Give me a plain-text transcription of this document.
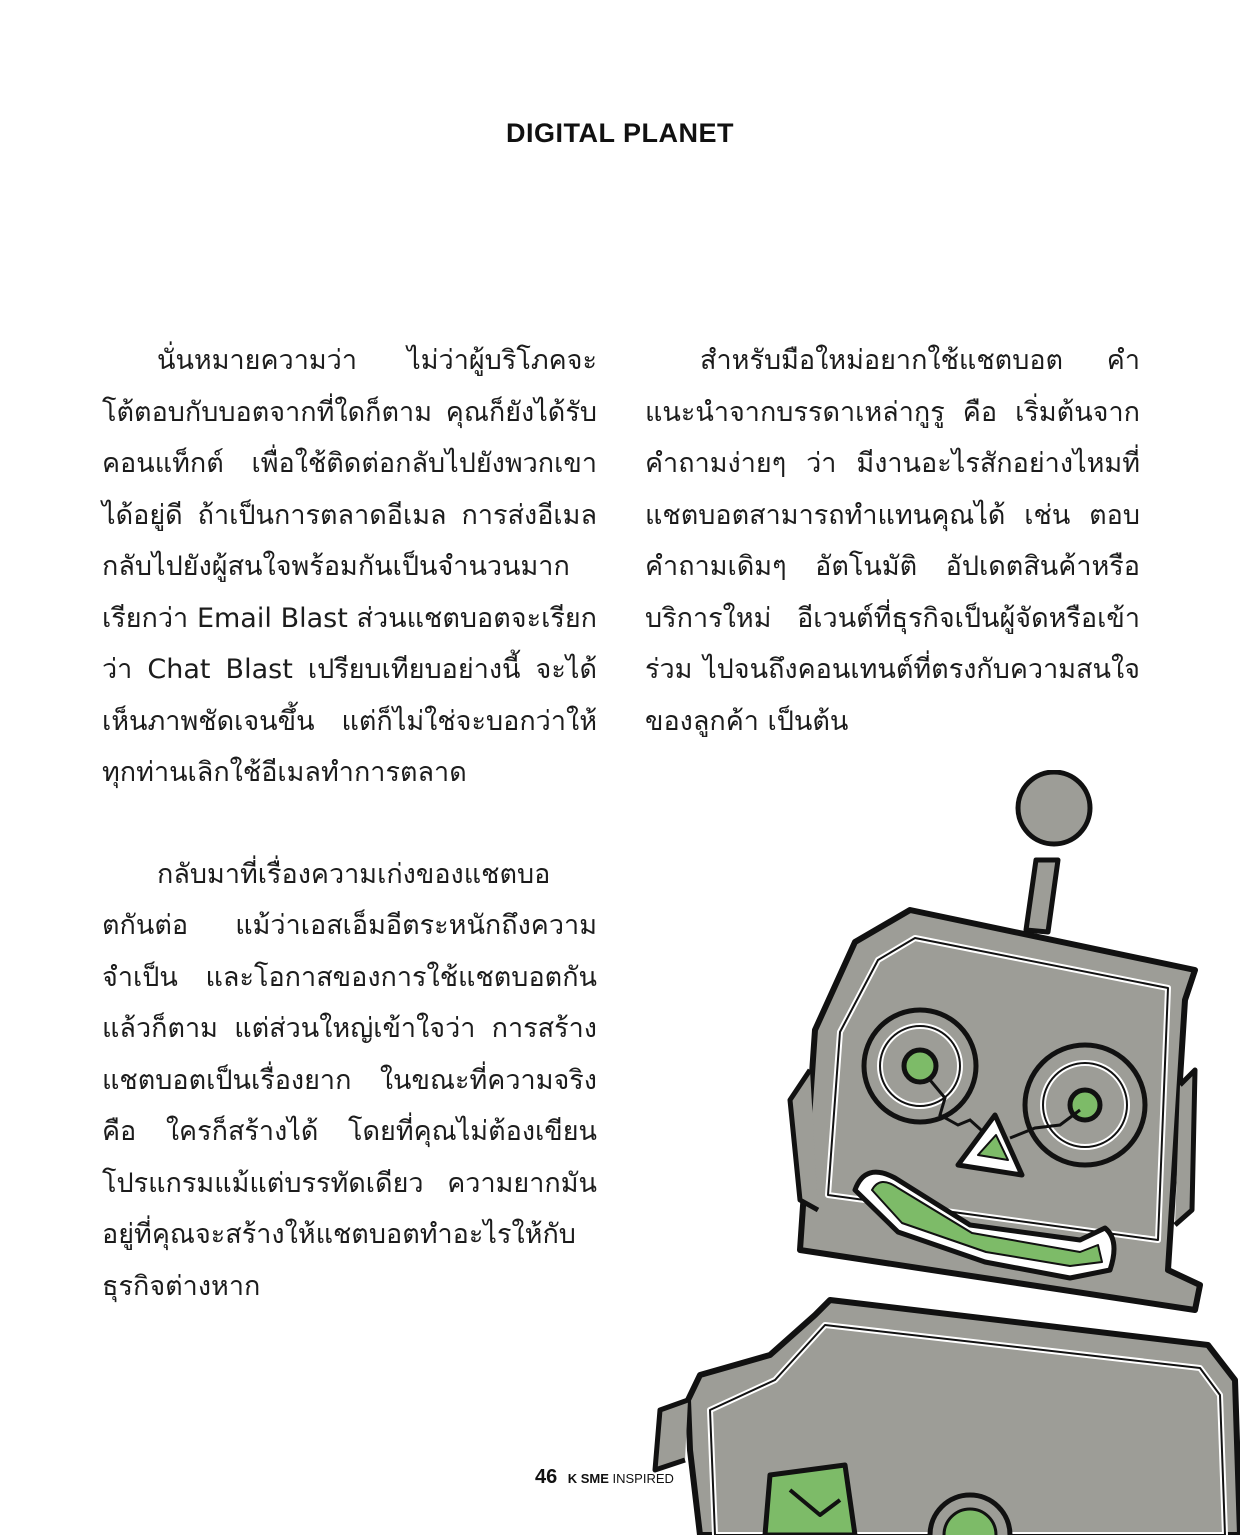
DIGITAL PLANET

นั่นหมายความว่า ไม่ว่าผู้บริโภคจะโต้ตอบกับบอตจากที่ใดก็ตาม คุณก็ยังได้รับคอนแท็กต์ เพื่อใช้ติดต่อกลับไปยังพวกเขาได้อยู่ดี ถ้าเป็นการตลาดอีเมล การส่งอีเมลกลับไปยังผู้สนใจพร้อมกันเป็นจำนวนมากเรียกว่า Email Blast ส่วนแชตบอตจะเรียกว่า Chat Blast เปรียบเทียบอย่างนี้ จะได้เห็นภาพชัดเจนขึ้น แต่ก็ไม่ใช่จะบอกว่าให้ทุกท่านเลิกใช้อีเมลทำการตลาด

กลับมาที่เรื่องความเก่งของแชตบอตกันต่อ แม้ว่าเอสเอ็มอีตระหนักถึงความจำเป็น และโอกาสของการใช้แชตบอตกันแล้วก็ตาม แต่ส่วนใหญ่เข้าใจว่า การสร้างแชตบอตเป็นเรื่องยาก ในขณะที่ความจริงคือ ใครก็สร้างได้ โดยที่คุณไม่ต้องเขียนโปรแกรมแม้แต่บรรทัดเดียว ความยากมันอยู่ที่คุณจะสร้างให้แชตบอตทำอะไรให้กับธุรกิจต่างหาก

สำหรับมือใหม่อยากใช้แชตบอต คำแนะนำจากบรรดาเหล่ากูรู คือ เริ่มต้นจากคำถามง่ายๆ ว่า มีงานอะไรสักอย่างไหมที่แชตบอตสามารถทำแทนคุณได้ เช่น ตอบคำถามเดิมๆ อัตโนมัติ อัปเดตสินค้าหรือบริการใหม่ อีเวนต์ที่ธุรกิจเป็นผู้จัดหรือเข้าร่วม ไปจนถึงคอนเทนต์ที่ตรงกับความสนใจของลูกค้า เป็นต้น

46 K SME INSPIRED
